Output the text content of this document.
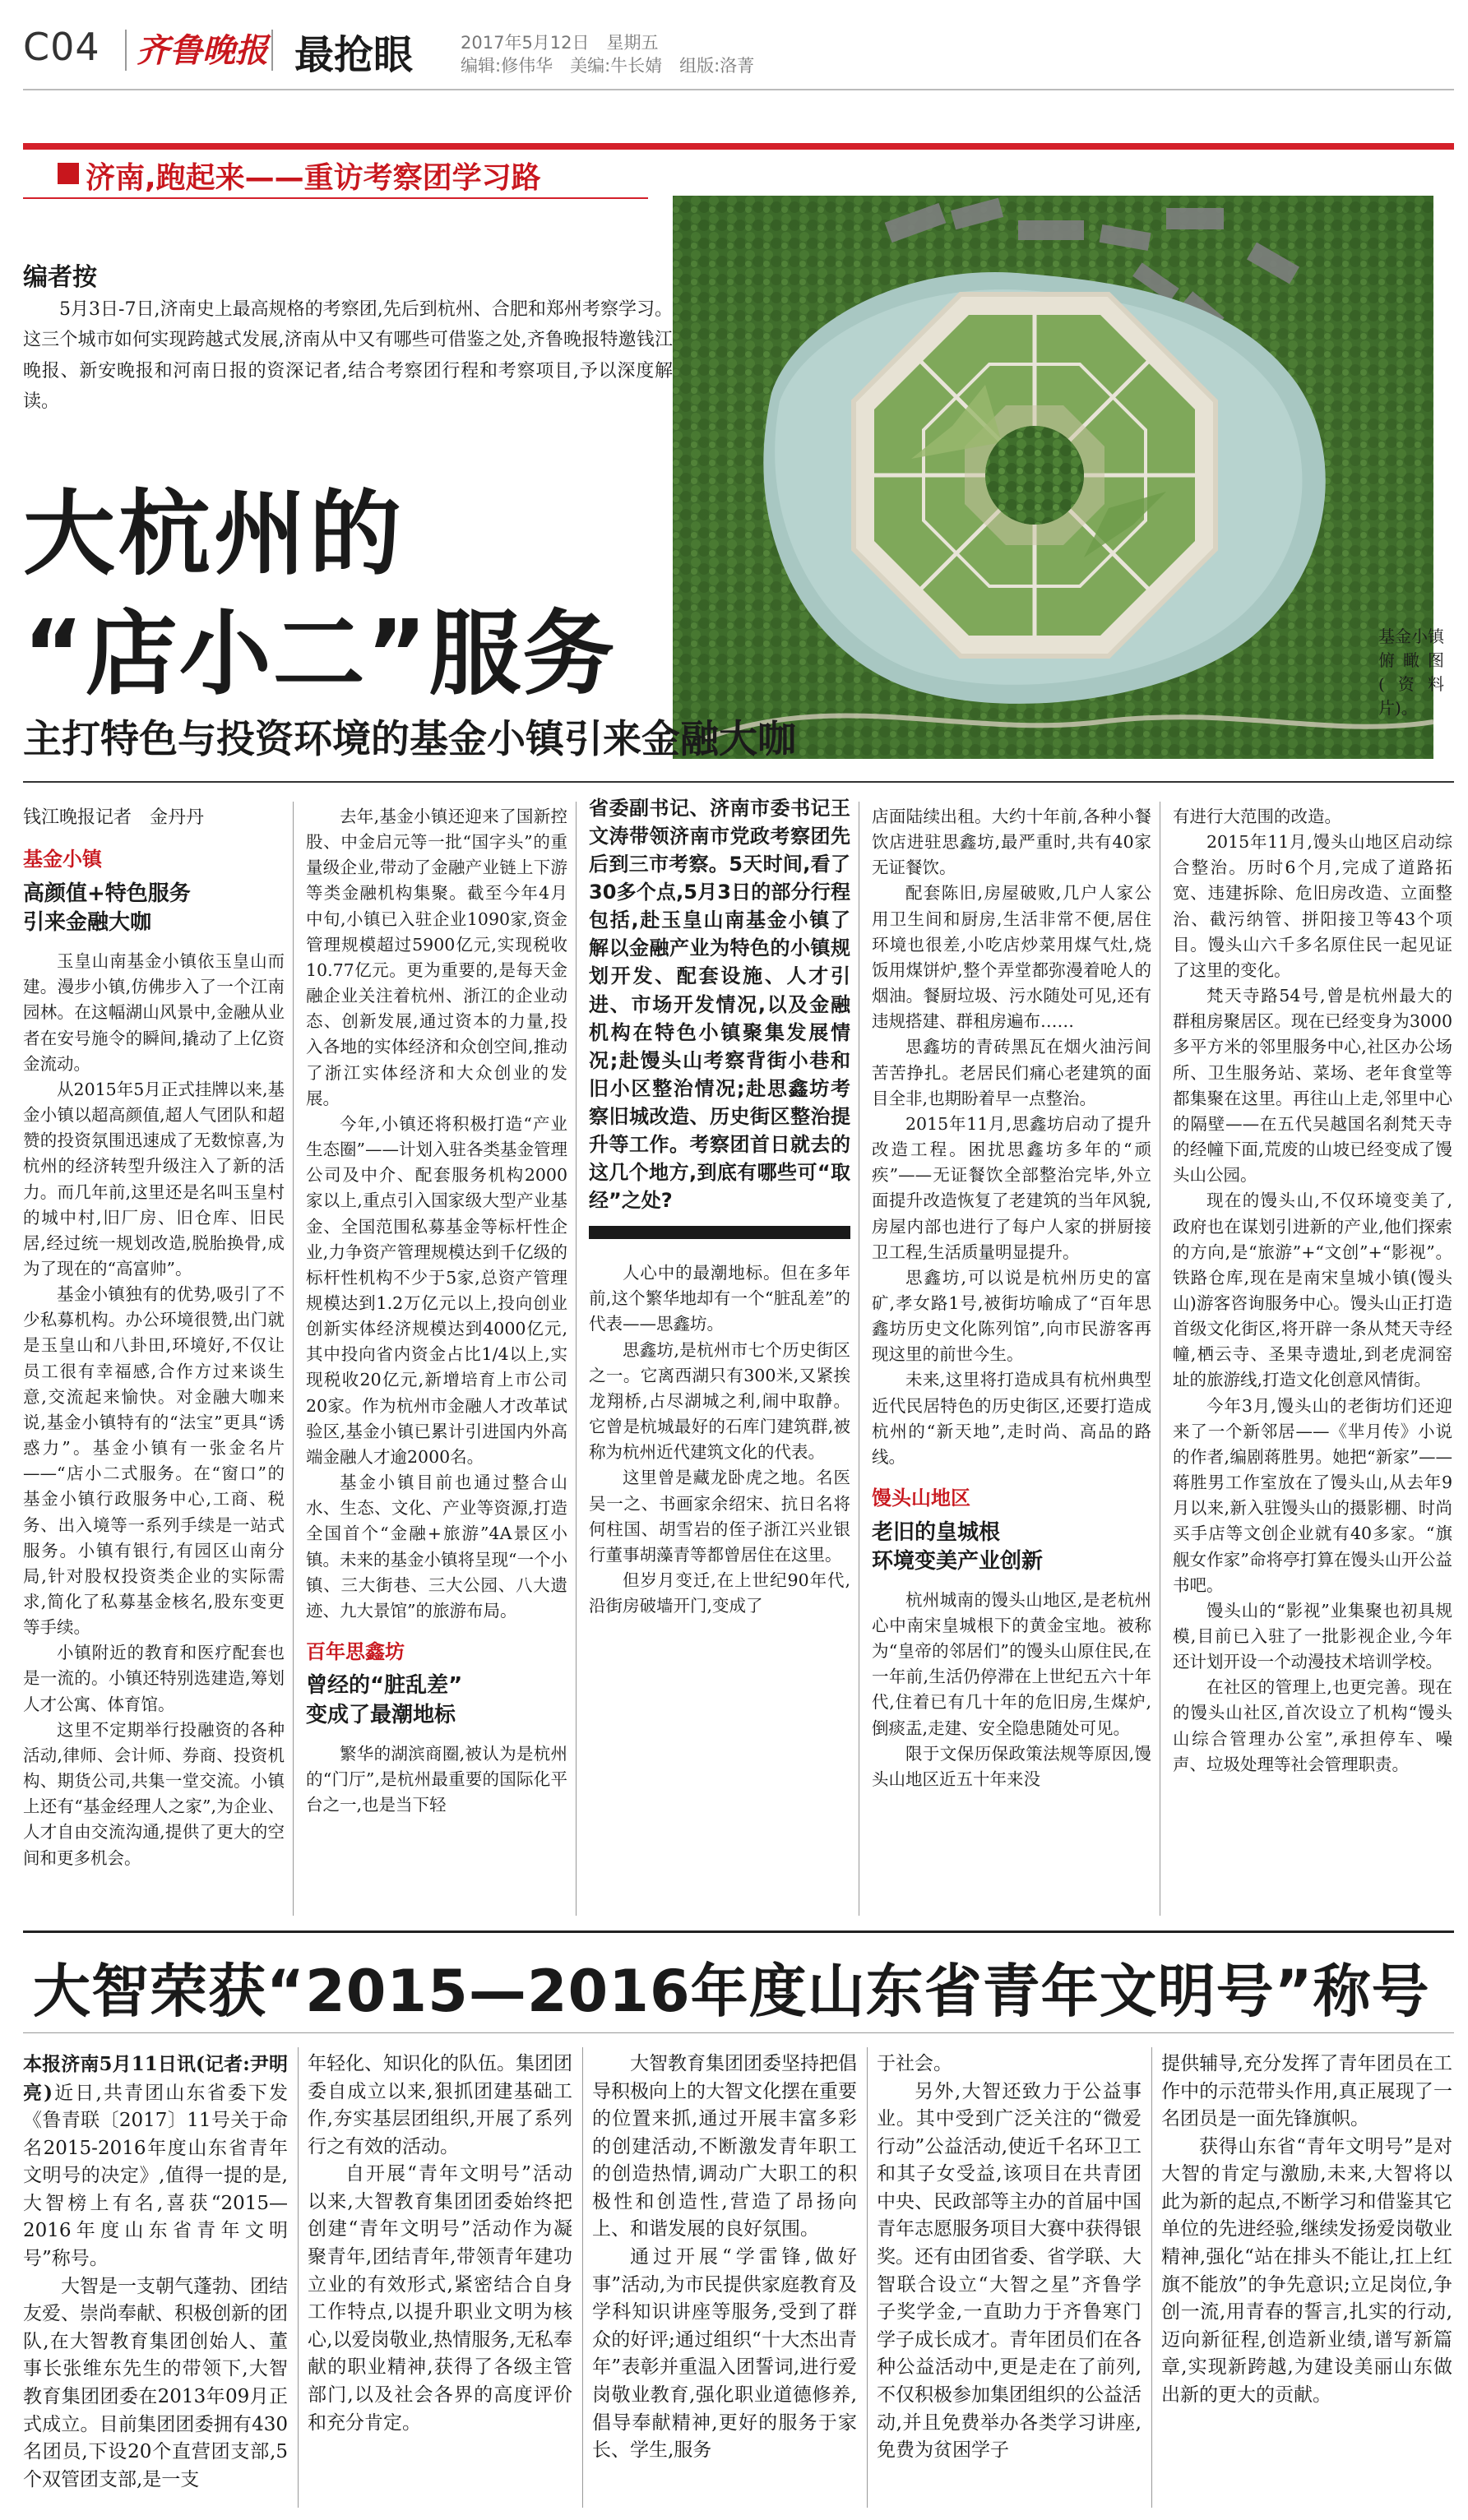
C04 齐鲁晚报 最抢眼	2017年5月12日　星期五
编辑:修伟华　美编:牛长婧　组版:洛菁
济南,跑起来——重访考察团学习路
基金小镇俯瞰图(资料片)。
编者按
5月3日-7日,济南史上最高规格的考察团,先后到杭州、合肥和郑州考察学习。这三个城市如何实现跨越式发展,济南从中又有哪些可借鉴之处,齐鲁晚报特邀钱江晚报、新安晚报和河南日报的资深记者,结合考察团行程和考察项目,予以深度解读。
大杭州的
“店小二”服务
主打特色与投资环境的基金小镇引来金融大咖
钱江晚报记者　金丹丹
基金小镇
高颜值+特色服务
引来金融大咖

玉皇山南基金小镇依玉皇山而建。漫步小镇,仿佛步入了一个江南园林。在这幅湖山风景中,金融从业者在安号施令的瞬间,撬动了上亿资金流动。

从2015年5月正式挂牌以来,基金小镇以超高颜值,超人气团队和超赞的投资氛围迅速成了无数惊喜,为杭州的经济转型升级注入了新的活力。而几年前,这里还是名叫玉皇村的城中村,旧厂房、旧仓库、旧民居,经过统一规划改造,脱胎换骨,成为了现在的“高富帅”。

基金小镇独有的优势,吸引了不少私募机构。办公环境很赞,出门就是玉皇山和八卦田,环境好,不仅让员工很有幸福感,合作方过来谈生意,交流起来愉快。对金融大咖来说,基金小镇特有的“法宝”更具“诱惑力”。基金小镇有一张金名片——“店小二式服务。在“窗口”的基金小镇行政服务中心,工商、税务、出入境等一系列手续是一站式服务。小镇有银行,有园区山南分局,针对股权投资类企业的实际需求,简化了私募基金核名,股东变更等手续。

小镇附近的教育和医疗配套也是一流的。小镇还特别选建造,筹划人才公寓、体育馆。

这里不定期举行投融资的各种活动,律师、会计师、券商、投资机构、期货公司,共集一堂交流。小镇上还有“基金经理人之家”,为企业、人才自由交流沟通,提供了更大的空间和更多机会。

去年,基金小镇还迎来了国新控股、中金启元等一批“国字头”的重量级企业,带动了金融产业链上下游等类金融机构集聚。截至今年4月中旬,小镇已入驻企业1090家,资金管理规模超过5900亿元,实现税收10.77亿元。更为重要的,是每天金融企业关注着杭州、浙江的企业动态、创新发展,通过资本的力量,投入各地的实体经济和众创空间,推动了浙江实体经济和大众创业的发展。

今年,小镇还将积极打造“产业生态圈”——计划入驻各类基金管理公司及中介、配套服务机构2000家以上,重点引入国家级大型产业基金、全国范围私募基金等标杆性企业,力争资产管理规模达到千亿级的标杆性机构不少于5家,总资产管理规模达到1.2万亿元以上,投向创业创新实体经济规模达到4000亿元,其中投向省内资金占比1/4以上,实现税收20亿元,新增培育上市公司20家。作为杭州市金融人才改革试验区,基金小镇已累计引进国内外高端金融人才逾2000名。

基金小镇目前也通过整合山水、生态、文化、产业等资源,打造全国首个“金融+旅游”4A景区小镇。未来的基金小镇将呈现“一个小镇、三大街巷、三大公园、八大遗迹、九大景馆”的旅游布局。

百年思鑫坊
曾经的“脏乱差”
变成了最潮地标

繁华的湖滨商圈,被认为是杭州的“门厅”,是杭州最重要的国际化平台之一,也是当下轻

省委副书记、济南市委书记王文涛带领济南市党政考察团先后到三市考察。5天时间,看了30多个点,5月3日的部分行程包括,赴玉皇山南基金小镇了解以金融产业为特色的小镇规划开发、配套设施、人才引进、市场开发情况,以及金融机构在特色小镇聚集发展情况;赴馒头山考察背街小巷和旧小区整治情况;赴思鑫坊考察旧城改造、历史街区整治提升等工作。考察团首日就去的这几个地方,到底有哪些可“取经”之处?

人心中的最潮地标。但在多年前,这个繁华地却有一个“脏乱差”的代表——思鑫坊。

思鑫坊,是杭州市七个历史街区之一。它离西湖只有300米,又紧挨龙翔桥,占尽湖城之利,闹中取静。它曾是杭城最好的石库门建筑群,被称为杭州近代建筑文化的代表。

这里曾是藏龙卧虎之地。名医吴一之、书画家余绍宋、抗日名将何柱国、胡雪岩的侄子浙江兴业银行董事胡藻青等都曾居住在这里。

但岁月变迁,在上世纪90年代,沿街房破墙开门,变成了

店面陆续出租。大约十年前,各种小餐饮店进驻思鑫坊,最严重时,共有40家无证餐饮。

配套陈旧,房屋破败,几户人家公用卫生间和厨房,生活非常不便,居住环境也很差,小吃店炒菜用煤气灶,烧饭用煤饼炉,整个弄堂都弥漫着呛人的烟油。餐厨垃圾、污水随处可见,还有违规搭建、群租房遍布……

思鑫坊的青砖黑瓦在烟火油污间苦苦挣扎。老居民们痛心老建筑的面目全非,也期盼着早一点整治。

2015年11月,思鑫坊启动了提升改造工程。困扰思鑫坊多年的“顽疾”——无证餐饮全部整治完毕,外立面提升改造恢复了老建筑的当年风貌,房屋内部也进行了每户人家的拼厨接卫工程,生活质量明显提升。

思鑫坊,可以说是杭州历史的富矿,孝女路1号,被街坊喻成了“百年思鑫坊历史文化陈列馆”,向市民游客再现这里的前世今生。

未来,这里将打造成具有杭州典型近代民居特色的历史街区,还要打造成杭州的“新天地”,走时尚、高品的路线。

馒头山地区
老旧的皇城根
环境变美产业创新

杭州城南的馒头山地区,是老杭州心中南宋皇城根下的黄金宝地。被称为“皇帝的邻居们”的馒头山原住民,在一年前,生活仍停滞在上世纪五六十年代,住着已有几十年的危旧房,生煤炉,倒痰盂,走建、安全隐患随处可见。

限于文保历保政策法规等原因,馒头山地区近五十年来没

有进行大范围的改造。

2015年11月,馒头山地区启动综合整治。历时6个月,完成了道路拓宽、违建拆除、危旧房改造、立面整治、截污纳管、拼阳接卫等43个项目。馒头山六千多名原住民一起见证了这里的变化。

梵天寺路54号,曾是杭州最大的群租房聚居区。现在已经变身为3000多平方米的邻里服务中心,社区办公场所、卫生服务站、菜场、老年食堂等都集聚在这里。再往山上走,邻里中心的隔壁——在五代吴越国名刹梵天寺的经幢下面,荒废的山坡已经变成了馒头山公园。

现在的馒头山,不仅环境变美了,政府也在谋划引进新的产业,他们探索的方向,是“旅游”+“文创”+“影视”。铁路仓库,现在是南宋皇城小镇(馒头山)游客咨询服务中心。馒头山正打造首级文化街区,将开辟一条从梵天寺经幢,栖云寺、圣果寺遗址,到老虎洞窑址的旅游线,打造文化创意风情街。

今年3月,馒头山的老街坊们还迎来了一个新邻居——《芈月传》小说的作者,编剧蒋胜男。她把“新家”——蒋胜男工作室放在了馒头山,从去年9月以来,新入驻馒头山的摄影棚、时尚买手店等文创企业就有40多家。“旗舰女作家”命将亭打算在馒头山开公益书吧。

馒头山的“影视”业集聚也初具规模,目前已入驻了一批影视企业,今年还计划开设一个动漫技术培训学校。

在社区的管理上,也更完善。现在的馒头山社区,首次设立了机构“馒头山综合管理办公室”,承担停车、噪声、垃圾处理等社会管理职责。

大智荣获“2015—2016年度山东省青年文明号”称号

本报济南5月11日讯(记者:尹明亮)近日,共青团山东省委下发《鲁青联〔2017〕11号关于命名2015-2016年度山东省青年文明号的决定》,值得一提的是,大智榜上有名,喜获“2015—2016年度山东省青年文明号”称号。

大智是一支朝气蓬勃、团结友爱、崇尚奉献、积极创新的团队,在大智教育集团创始人、董事长张维东先生的带领下,大智教育集团团委在2013年09月正式成立。目前集团团委拥有430名团员,下设20个直营团支部,5个双管团支部,是一支

年轻化、知识化的队伍。集团团委自成立以来,狠抓团建基础工作,夯实基层团组织,开展了系列行之有效的活动。

自开展“青年文明号”活动以来,大智教育集团团委始终把创建“青年文明号”活动作为凝聚青年,团结青年,带领青年建功立业的有效形式,紧密结合自身工作特点,以提升职业文明为核心,以爱岗敬业,热情服务,无私奉献的职业精神,获得了各级主管部门,以及社会各界的高度评价和充分肯定。

大智教育集团团委坚持把倡导积极向上的大智文化摆在重要的位置来抓,通过开展丰富多彩的创建活动,不断激发青年职工的创造热情,调动广大职工的积极性和创造性,营造了昂扬向上、和谐发展的良好氛围。

通过开展“学雷锋,做好事”活动,为市民提供家庭教育及学科知识讲座等服务,受到了群众的好评;通过组织“十大杰出青年”表彰并重温入团誓词,进行爱岗敬业教育,强化职业道德修养,倡导奉献精神,更好的服务于家长、学生,服务

于社会。

另外,大智还致力于公益事业。其中受到广泛关注的“微爱行动”公益活动,使近千名环卫工和其子女受益,该项目在共青团中央、民政部等主办的首届中国青年志愿服务项目大赛中获得银奖。还有由团省委、省学联、大智联合设立“大智之星”齐鲁学子奖学金,一直助力于齐鲁寒门学子成长成才。青年团员们在各种公益活动中,更是走在了前列,不仅积极参加集团组织的公益活动,并且免费举办各类学习讲座,免费为贫困学子

提供辅导,充分发挥了青年团员在工作中的示范带头作用,真正展现了一名团员是一面先锋旗帜。

获得山东省“青年文明号”是对大智的肯定与激励,未来,大智将以此为新的起点,不断学习和借鉴其它单位的先进经验,继续发扬爱岗敬业精神,强化“站在排头不能让,扛上红旗不能放”的争先意识;立足岗位,争创一流,用青春的誓言,扎实的行动,迈向新征程,创造新业绩,谱写新篇章,实现新跨越,为建设美丽山东做出新的更大的贡献。
